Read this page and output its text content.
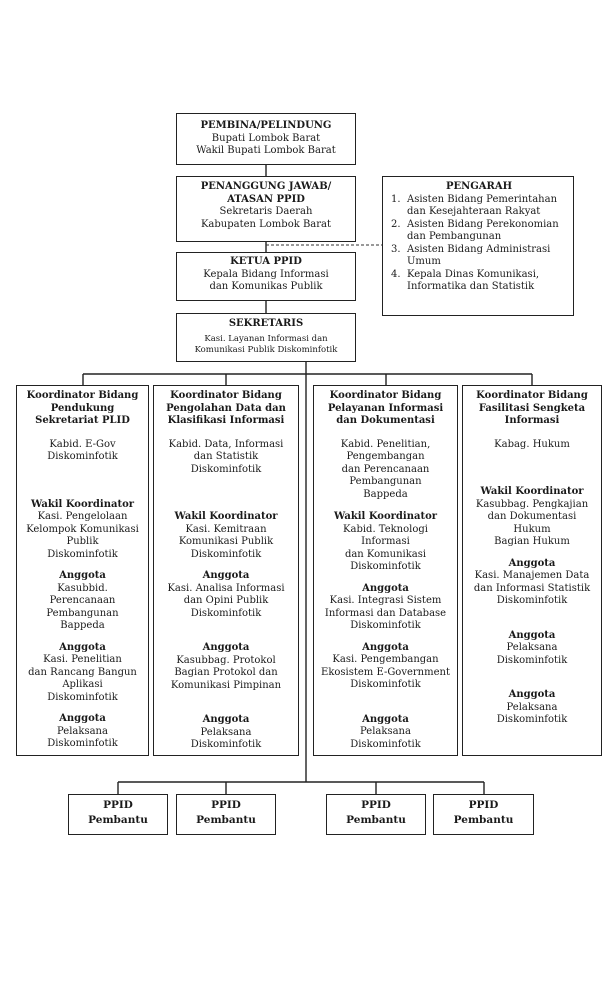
PEMBINA/PELINDUNG
Bupati Lombok Barat
Wakil Bupati Lombok Barat
PENANGGUNG JAWAB/
ATASAN PPID
Sekretaris Daerah
Kabupaten Lombok Barat
PENGARAH
1. Asisten Bidang Pemerintahan dan Kesejahteraan Rakyat
2. Asisten Bidang Perekonomian dan Pembangunan
3. Asisten Bidang Administrasi Umum
4. Kepala Dinas Komunikasi, Informatika dan Statistik
KETUA PPID
Kepala Bidang Informasi
dan Komunikas Publik
SEKRETARIS
Kasi. Layanan Informasi dan
Komunikasi Publik Diskominfotik
Koordinator Bidang
Pendukung
Sekretariat PLID
Kabid. E-Gov
Diskominfotik
Wakil Koordinator
Kasi. Pengelolaan
Kelompok Komunikasi
Publik
Diskominfotik
Anggota
Kasubbid.
Perencanaan
Pembangunan
Bappeda
Anggota
Kasi. Penelitian
dan Rancang Bangun
Aplikasi
Diskominfotik
Anggota
Pelaksana
Diskominfotik
Koordinator Bidang
Pengolahan Data dan
Klasifikasi Informasi
Kabid. Data, Informasi
dan Statistik
Diskominfotik
Wakil Koordinator
Kasi. Kemitraan
Komunikasi Publik
Diskominfotik
Anggota
Kasi. Analisa Informasi
dan Opini Publik
Diskominfotik
Anggota
Kasubbag. Protokol
Bagian Protokol dan
Komunikasi Pimpinan
Anggota
Pelaksana
Diskominfotik
Koordinator Bidang
Pelayanan Informasi
dan Dokumentasi
Kabid. Penelitian,
Pengembangan
dan Perencanaan
Pembangunan
Bappeda
Wakil Koordinator
Kabid. Teknologi
Informasi
dan Komunikasi
Diskominfotik
Anggota
Kasi. Integrasi Sistem
Informasi dan Database
Diskominfotik
Anggota
Kasi. Pengembangan
Ekosistem E-Government
Diskominfotik
Anggota
Pelaksana
Diskominfotik
Koordinator Bidang
Fasilitasi Sengketa
Informasi
Kabag. Hukum
Wakil Koordinator
Kasubbag. Pengkajian
dan Dokumentasi
Hukum
Bagian Hukum
Anggota
Kasi. Manajemen Data
dan Informasi Statistik
Diskominfotik
Anggota
Pelaksana
Diskominfotik
Anggota
Pelaksana
Diskominfotik
PPID
Pembantu
PPID
Pembantu
PPID
Pembantu
PPID
Pembantu
